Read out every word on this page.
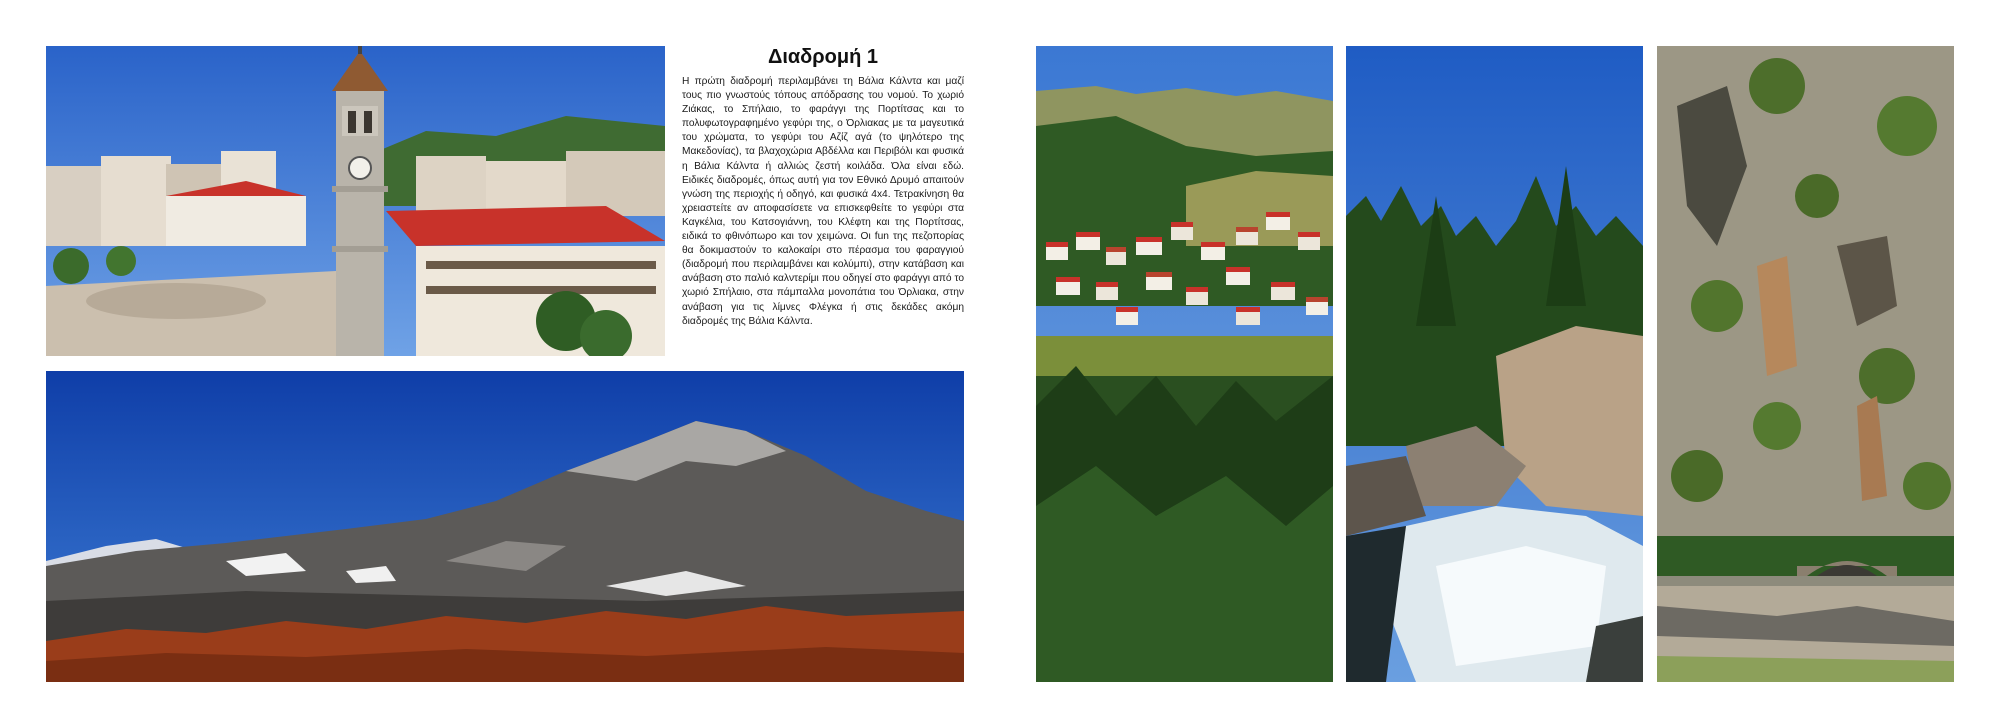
Διαδρομή 1

Η πρώτη διαδρομή περιλαμβάνει τη Βάλια Κάλντα και μαζί τους πιο γνωστούς τόπους απόδρασης του νομού. Το χωριό Ζιάκας, το Σπήλαιο, το φαράγγι της Πορτίτσας και το πολυφωτογραφημένο γεφύρι της, ο Όρλιακας με τα μαγευτικά του χρώματα, το γεφύρι του Αζίζ αγά (το ψηλότερο της Μακεδονίας), τα βλαχοχώρια Αβδέλλα και Περιβόλι και φυσικά η Βάλια Κάλντα ή αλλιώς ζεστή κοιλάδα. Όλα είναι εδώ. Ειδικές διαδρομές, όπως αυτή για τον Εθνικό Δρυμό απαιτούν γνώση της περιοχής ή οδηγό, και φυσικά 4x4. Τετρακίνηση θα χρειαστείτε αν αποφασίσετε να επισκεφθείτε το γεφύρι στα Καγκέλια, του Κατσογιάννη, του Κλέφτη και της Πορτίτσας, ειδικά το φθινόπωρο και τον χειμώνα. Οι fun της πεζοπορίας θα δοκιμαστούν το καλοκαίρι στο πέρασμα του φαραγγιού (διαδρομή που περιλαμβάνει και κολύμπι), στην κατάβαση και ανάβαση στο παλιό καλντερίμι που οδηγεί στο φαράγγι από το χωριό Σπήλαιο, στα πάμπαλλα μονοπάτια του Όρλιακα, στην ανάβαση για τις λίμνες Φλέγκα ή στις δεκάδες ακόμη διαδρομές της Βάλια Κάλντα.
